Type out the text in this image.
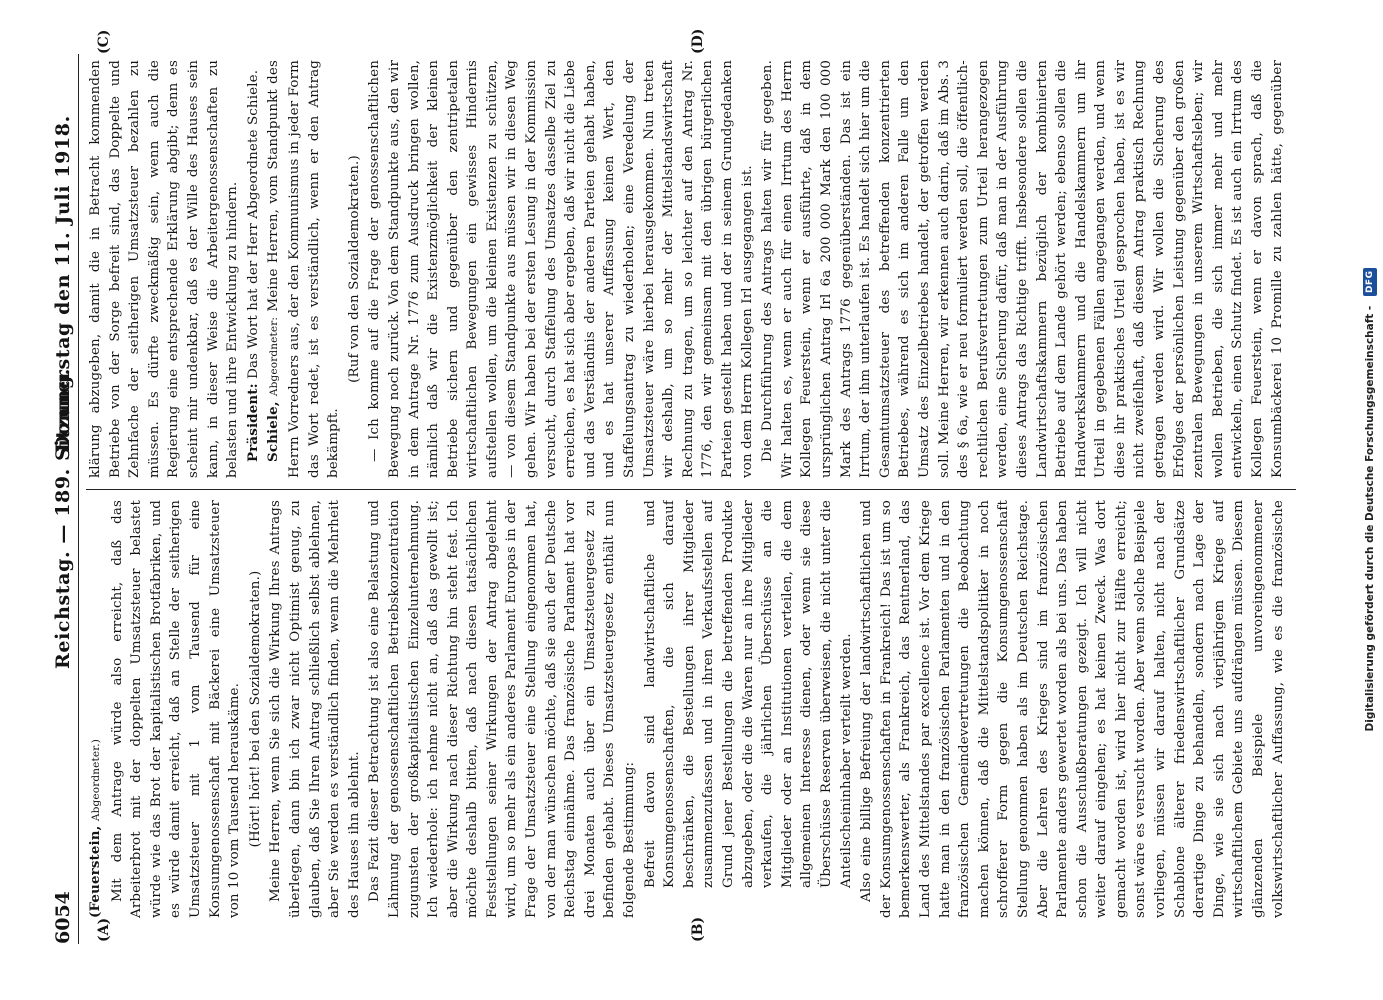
6054
Reichstag. — 189. Sitzung.
Donnerstag den 11. Juli 1918.
(A)	(B)
(C)	(D)

(Feuerstein, Abgeordneter.) Mit dem Antrage würde also erreicht, daß das Arbeiterbrot mit der doppelten Umsatzsteuer belastet würde wie das Brot der kapitalistischen Brotfabriken, und es würde damit erreicht, daß an Stelle der seitherigen Umsatzsteuer mit 1 vom Tausend für eine Konsumgenossenschaft mit Bäckerei eine Umsatzsteuer von 10 vom Tausend herauskäme. (Hört! hört! bei den Sozialdemokraten.) Meine Herren, wenn Sie sich die Wirkung Ihres Antrags überlegen, dann bin ich zwar nicht Optimist genug, zu glauben, daß Sie Ihren Antrag schließlich selbst ablehnen, aber Sie werden es verständlich finden, wenn die Mehrheit des Hauses ihn ablehnt. Das Fazit dieser Betrachtung ist also eine Belastung und Lähmung der genossenschaftlichen Betriebskonzentration zugunsten der großkapitalistischen Einzelunternehmung. Ich wiederhole: ich nehme nicht an, daß das gewollt ist; aber die Wirkung nach dieser Richtung hin steht fest. Ich möchte deshalb bitten, daß nach diesen tatsächlichen Feststellungen seiner Wirkungen der Antrag abgelehnt wird, um so mehr als ein anderes Parlament Europas in der Frage der Umsatzsteuer eine Stellung eingenommen hat, von der man wünschen möchte, daß sie auch der Deutsche Reichstag einnähme. Das französische Parlament hat vor drei Monaten auch über ein Umsatzsteuergesetz zu befinden gehabt. Dieses Umsatzsteuergesetz enthält nun folgende Bestimmung: Befreit davon sind landwirtschaftliche und Konsumgenossenschaften, die sich darauf beschränken, die Bestellungen ihrer Mitglieder zusammenzufassen und in ihren Verkaufsstellen auf Grund jener Bestellungen die betreffenden Produkte abzugeben, oder die die Waren nur an ihre Mitglieder verkaufen, die jährlichen Überschüsse an die Mitglieder oder an Institutionen verteilen, die dem allgemeinen Interesse dienen, oder wenn sie diese Überschüsse Reserven überweisen, die nicht unter die Anteilscheininhaber verteilt werden. Also eine billige Befreiung der landwirtschaftlichen und der Konsumgenossenschaften in Frankreich! Das ist um so bemerkenswerter, als Frankreich, das Rentnerland, das Land des Mittelstandes par excellence ist. Vor dem Kriege hatte man in den französischen Parlamenten und in den französischen Gemeindevertretungen die Beobachtung machen können, daß die Mittelstandspolitiker in noch schrofferer Form gegen die Konsumgenossenschaft Stellung genommen haben als im Deutschen Reichstage. Aber die Lehren des Krieges sind im französischen Parlamente anders gewertet worden als bei uns. Das haben schon die Ausschußberatungen gezeigt. Ich will nicht weiter darauf eingehen; es hat keinen Zweck. Was dort gemacht worden ist, wird hier nicht zur Hälfte erreicht; sonst wäre es versucht worden. Aber wenn solche Beispiele vorliegen, müssen wir darauf halten, nicht nach der Schablone älterer friedenswirtschaftlicher Grundsätze derartige Dinge zu behandeln, sondern nach Lage der Dinge, wie sie sich nach vierjährigem Kriege auf wirtschaftlichem Gebiete uns aufdrängen müssen. Diesem glänzenden Beispiele unvoreingenommener volkswirtschaftlicher Auffassung, wie es die französische

klärung abzugeben, damit die in Betracht kommenden Betriebe von der Sorge befreit sind, das Doppelte und Zehnfache der seitherigen Umsatzsteuer bezahlen zu müssen. Es dürfte zweckmäßig sein, wenn auch die Regierung eine entsprechende Erklärung abgibt; denn es scheint mir undenkbar, daß es der Wille des Hauses sein kann, in dieser Weise die Arbeitergenossenschaften zu belasten und ihre Entwicklung zu hindern. Präsident: Das Wort hat der Herr Abgeordnete Schiele.

Schiele, Abgeordneter: Meine Herren, vom Standpunkt des Herrn Vorredners aus, der den Kommunismus in jeder Form das Wort redet, ist es verständlich, wenn er den Antrag bekämpft.

(Ruf von den Sozialdemokraten.) — Ich komme auf die Frage der genossenschaftlichen Bewegung noch zurück. Von dem Standpunkte aus, den wir in dem Antrage Nr. 1776 zum Ausdruck bringen wollen, nämlich daß wir die Existenzmöglichkeit der kleinen Betriebe sichern und gegenüber den zentripetalen wirtschaftlichen Bewegungen ein gewisses Hindernis aufstellen wollen, um die kleinen Existenzen zu schützen, — von diesem Standpunkte aus müssen wir in diesen Weg gehen. Wir haben bei der ersten Lesung in der Kommission versucht, durch Staffelung des Umsatzes dasselbe Ziel zu erreichen, es hat sich aber ergeben, daß wir nicht die Liebe und das Verständnis der anderen Parteien gehabt haben, und es hat unserer Auffassung keinen Wert, den Staffelungsantrag zu wiederholen; eine Veredelung der Umsatzsteuer wäre hierbei herausgekommen. Nun treten wir deshalb, um so mehr der Mittelstandswirtschaft Rechnung zu tragen, um so leichter auf den Antrag Nr. 1776, den wir gemeinsam mit den übrigen bürgerlichen Parteien gestellt haben und der in seinem Grundgedanken von dem Herrn Kollegen Irl ausgegangen ist. Die Durchführung des Antrags halten wir für gegeben. Wir halten es, wenn er auch für einen Irrtum des Herrn Kollegen Feuerstein, wenn er ausführte, daß in dem ursprünglichen Antrag Irl 6a 200 000 Mark den 100 000 Mark des Antrags 1776 gegenüberständen. Das ist ein Irrtum, der ihm unterlaufen ist. Es handelt sich hier um die Gesamtumsatzsteuer des betreffenden konzentrierten Betriebes, während es sich im anderen Falle um den Umsatz des Einzelbetriebes handelt, der getroffen werden soll. Meine Herren, wir erkennen auch darin, daß im Abs. 3 des § 6a, wie er neu formuliert werden soll, die öffentlich-rechtlichen Berufsvertretungen zum Urteil herangezogen werden, eine Sicherung dafür, daß man in der Ausführung dieses Antrags das Richtige trifft. Insbesondere sollen die Landwirtschaftskammern bezüglich der kombinierten Betriebe auf dem Lande gehört werden; ebenso sollen die Handwerkskammern und die Handelskammern um ihr Urteil in gegebenen Fällen angegangen werden, und wenn diese ihr praktisches Urteil gesprochen haben, ist es wir nicht zweifelhaft, daß diesem Antrag praktisch Rechnung getragen werden wird. Wir wollen die Sicherung des Erfolges der persönlichen Leistung gegenüber den großen zentralen Bewegungen in unserem Wirtschaftsleben; wir wollen Betrieben, die sich immer mehr und mehr entwickeln, einen Schutz findet. Es ist auch ein Irrtum des Kollegen Feuerstein, wenn er davon sprach, daß die Konsumbäckerei 10 Promille zu zahlen hätte, gegenüber

Digitalisierung gefördert durch die Deutsche Forschungsgemeinschaft - DFG
